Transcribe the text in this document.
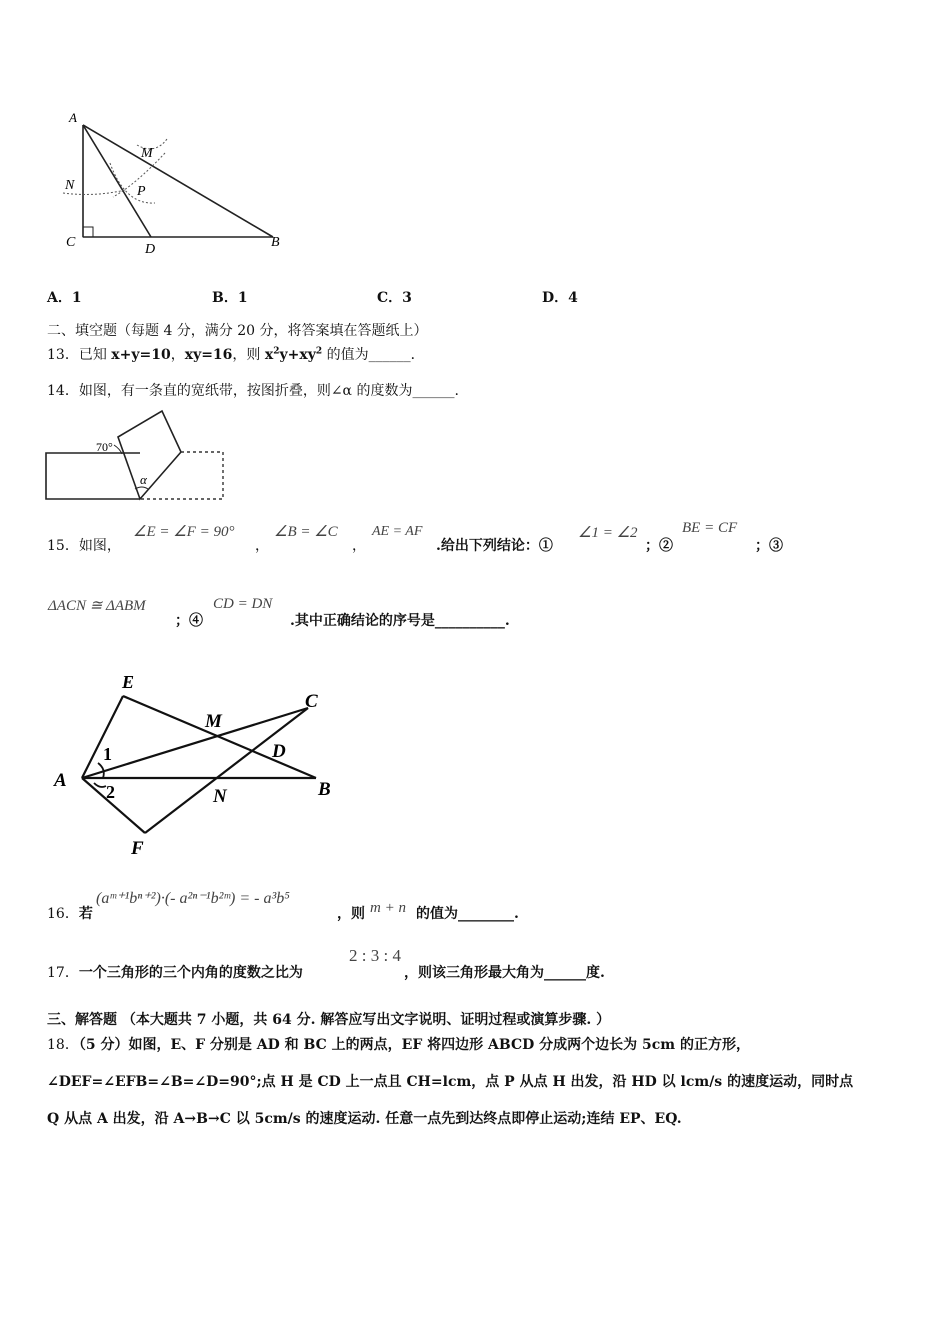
A
M
N	P
C	D	B
A．1	B．1	C．3	D．4
二、填空题（每题 4 分，满分 20 分，将答案填在答题纸上）
13．已知 x+y=10，xy=16，则 $x^2y+xy^2$ 的值为______．
14．如图，有一条直的宽纸带，按图折叠，则∠α 的度数为______.
70°
α
15．如图，
∠E = ∠F = 90°
，
∠B = ∠C
，
AE = AF
.给出下列结论：①
∠1 = ∠2
；②
BE = CF
；③
ΔACN ≅ ΔABM
；④
CD = DN
.其中正确结论的序号是__________.
E
M
C
D
1
A
2	N	B
F
16．若
(aᵐ⁺¹bⁿ⁺²)·(- a²ⁿ⁻¹b²ᵐ) = - a³b⁵
，则 m + n 的值为________.
17．一个三角形的三个内角的度数之比为
2 : 3 : 4
，则该三角形最大角为______度.
三、解答题 （本大题共 7 小题，共 64 分. 解答应写出文字说明、证明过程或演算步骤. ）
18．（5 分）如图，E、F 分别是 AD 和 BC 上的两点，EF 将四边形 ABCD 分成两个边长为 5cm 的正方形，
∠DEF=∠EFB=∠B=∠D=90°;点 H 是 CD 上一点且 CH=lcm，点 P 从点 H 出发，沿 HD 以 lcm/s 的速度运动，同时点
Q 从点 A 出发，沿 A→B→C 以 5cm/s 的速度运动. 任意一点先到达终点即停止运动;连结 EP、EQ.
